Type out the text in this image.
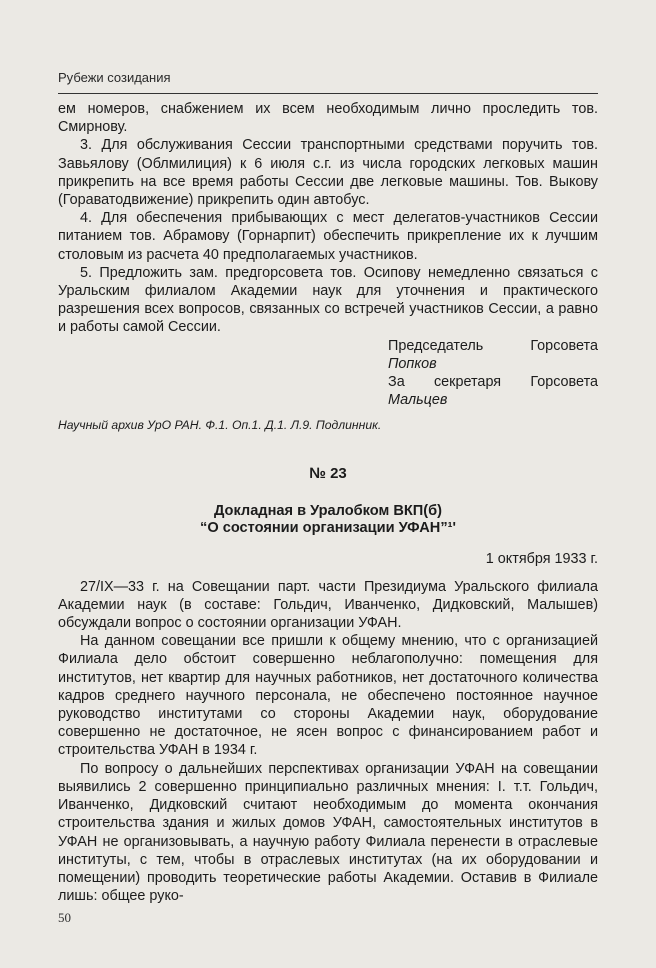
Рубежи созидания

ем номеров, снабжением их всем необходимым лично проследить тов. Смирнову.

3. Для обслуживания Сессии транспортными средствами поручить тов. Завьялову (Облмилиция) к 6 июля с.г. из числа городских легковых машин прикрепить на все время работы Сессии две легковые машины. Тов. Выкову (Гораватодвижение) прикрепить один автобус.

4. Для обеспечения прибывающих с мест делегатов-участников Сессии питанием тов. Абрамову (Горнарпит) обеспечить прикрепление их к лучшим столовым из расчета 40 предполагаемых участников.

5. Предложить зам. предгорсовета тов. Осипову немедленно связаться с Уральским филиалом Академии наук для уточнения и практического разрешения всех вопросов, связанных со встречей участников Сессии, а равно и работы самой Сессии.

Председатель Горсовета Попков

За секретаря Горсовета Мальцев

Научный архив УрО РАН. Ф.1. Оп.1. Д.1. Л.9. Подлинник.
№ 23
Докладная в Уралобком ВКП(б)
“О состоянии организации УФАН”¹'
1 октября 1933 г.

27/IX—33 г. на Совещании парт. части Президиума Уральского филиала Академии наук (в составе: Гольдич, Иванченко, Дидковский, Малышев) обсуждали вопрос о состоянии организации УФАН.

На данном совещании все пришли к общему мнению, что с организацией Филиала дело обстоит совершенно неблагополучно: помещения для институтов, нет квартир для научных работников, нет достаточного количества кадров среднего научного персонала, не обеспечено постоянное научное руководство институтами со стороны Академии наук, оборудование совершенно не достаточное, не ясен вопрос с финансированием работ и строительства УФАН в 1934 г.

По вопросу о дальнейших перспективах организации УФАН на совещании выявились 2 совершенно принципиально различных мнения: I. т.т. Гольдич, Иванченко, Дидковский считают необходимым до момента окончания строительства здания и жилых домов УФАН, самостоятельных институтов в УФАН не организовывать, а научную работу Филиала перенести в отраслевые институты, с тем, чтобы в отраслевых институтах (на их оборудовании и помещении) проводить теоретические работы Академии. Оставив в Филиале лишь: общее руко-

50
